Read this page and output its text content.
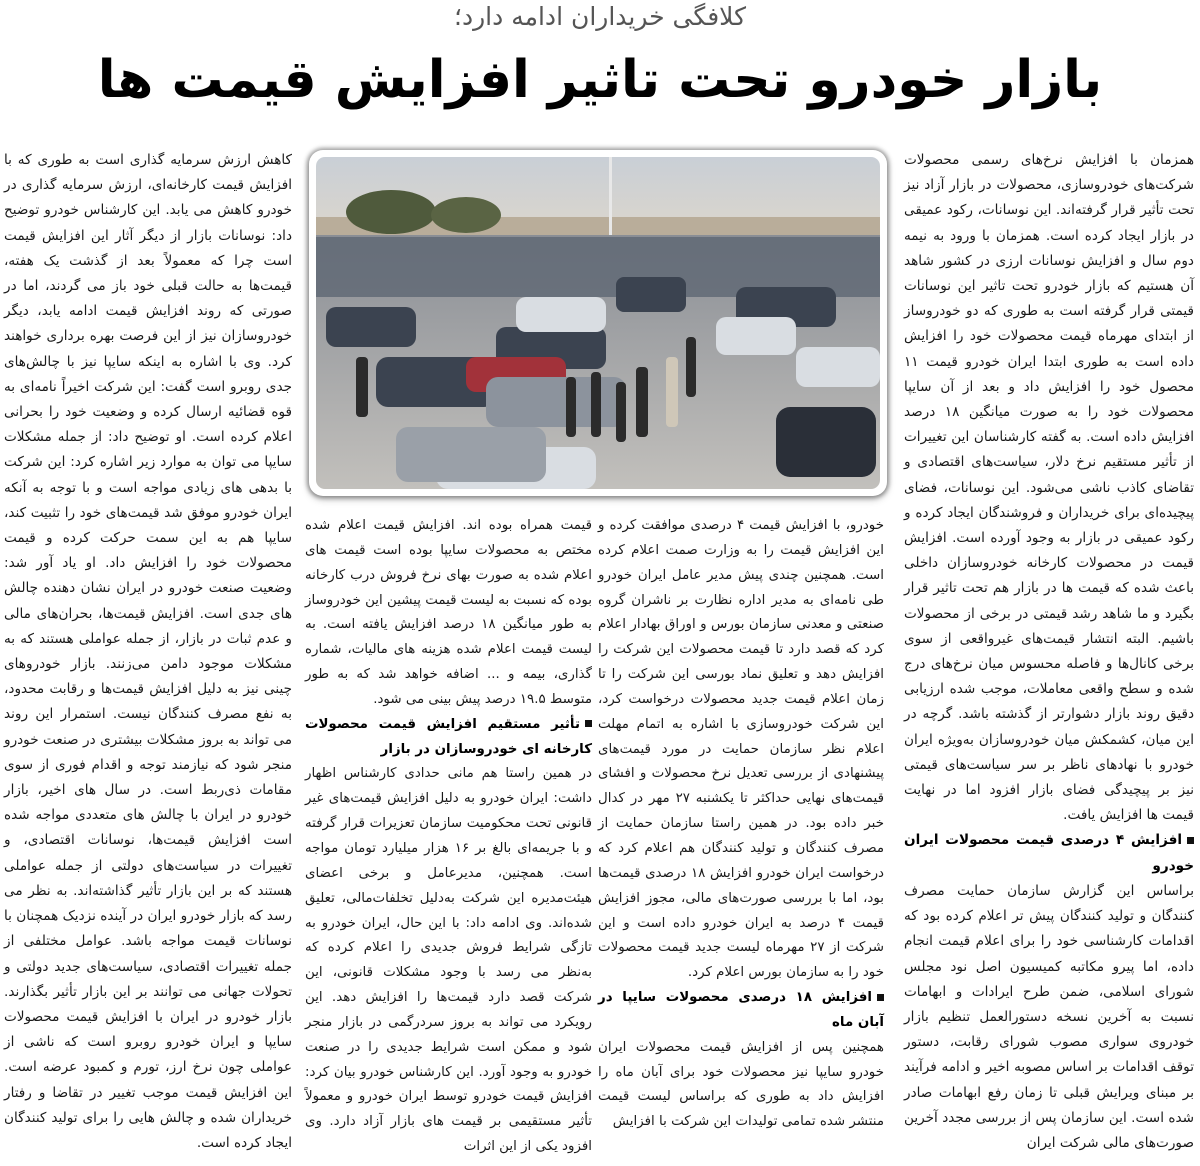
کلافگی خریداران ادامه دارد؛
بازار خودرو تحت تاثیر افزایش قیمت ها

همزمان با افزایش نرخ‌های رسمی محصولات شرکت‌های خودروسازی، محصولات در بازار آزاد نیز تحت تأثیر قرار گرفته‌اند. این نوسانات، رکود عمیقی در بازار ایجاد کرده است. همزمان با ورود به نیمه دوم سال و افزایش نوسانات ارزی در کشور شاهد آن هستیم که بازار خودرو تحت تاثیر این نوسانات قیمتی قرار گرفته است به طوری که دو خودروساز از ابتدای مهرماه قیمت محصولات خود را افزایش داده است به طوری ابتدا ایران خودرو قیمت ۱۱ محصول خود را افزایش داد و بعد از آن سایپا محصولات خود را به صورت میانگین ۱۸ درصد افزایش داده است. به گفته کارشناسان این تغییرات از تأثیر مستقیم نرخ دلار، سیاست‌های اقتصادی و تقاضای کاذب ناشی می‌شود. این نوسانات، فضای پیچیده‌ای برای خریداران و فروشندگان ایجاد کرده و رکود عمیقی در بازار به وجود آورده است. افزایش قیمت در محصولات کارخانه خودروسازان داخلی باعث شده که قیمت ها در بازار هم تحت تاثیر قرار بگیرد و ما شاهد رشد قیمتی در برخی از محصولات باشیم. البته انتشار قیمت‌های غیرواقعی از سوی برخی کانال‌ها و فاصله محسوس میان نرخ‌های درج شده و سطح واقعی معاملات، موجب شده ارزیابی دقیق روند بازار دشوارتر از گذشته باشد. گرچه در این میان، کشمکش میان خودروسازان به‌ویژه ایران خودرو با نهادهای ناظر بر سر سیاست‌های قیمتی نیز بر پیچیدگی فضای بازار افزود اما در نهایت قیمت ها افزایش یافت.

افزایش ۴ درصدی قیمت محصولات ایران خودرو

براساس این گزارش سازمان حمایت مصرف کنندگان و تولید کنندگان پیش تر اعلام کرده بود که اقدامات کارشناسی خود را برای اعلام قیمت انجام داده، اما پیرو مکاتبه کمیسیون اصل نود مجلس شورای اسلامی، ضمن طرح ایرادات و ابهامات نسبت به آخرین نسخه دستورالعمل تنظیم بازار خودروی سواری مصوب شورای رقابت، دستور توقف اقدامات بر اساس مصوبه اخیر و ادامه فرآیند بر مبنای ویرایش قبلی تا زمان رفع ابهامات صادر شده است. این سازمان پس از بررسی مجدد آخرین صورت‌های مالی شرکت ایران

خودرو، با افزایش قیمت ۴ درصدی موافقت کرده و این افزایش قیمت را به وزارت صمت اعلام کرده است. همچنین چندی پیش مدیر عامل ایران خودرو طی نامه‌ای به مدیر اداره نظارت بر ناشران گروه صنعتی و معدنی سازمان بورس و اوراق بهادار اعلام کرد که قصد دارد تا قیمت محصولات این شرکت را افزایش دهد و تعلیق نماد بورسی این شرکت را تا زمان اعلام قیمت جدید محصولات درخواست کرد، این شرکت خودروسازی با اشاره به اتمام مهلت اعلام نظر سازمان حمایت در مورد قیمت‌های پیشنهادی از بررسی تعدیل نرخ محصولات و افشای قیمت‌های نهایی حداکثر تا یکشنبه ۲۷ مهر در کدال خبر داده بود. در همین راستا سازمان حمایت از مصرف کنندگان و تولید کنندگان هم اعلام کرد که درخواست ایران خودرو افزایش ۱۸ درصدی قیمت‌ها بود، اما با بررسی صورت‌های مالی، مجوز افزایش قیمت ۴ درصد به ایران خودرو داده است و این شرکت از ۲۷ مهرماه لیست جدید قیمت محصولات خود را به سازمان بورس اعلام کرد.

افزایش ۱۸ درصدی محصولات سایپا در آبان ماه

همچنین پس از افزایش قیمت محصولات ایران خودرو سایپا نیز محصولات خود برای آبان ماه را افزایش داد به طوری که براساس لیست قیمت منتشر شده تمامی تولیدات این شرکت با افزایش

قیمت همراه بوده اند. افزایش قیمت اعلام شده مختص به محصولات سایپا بوده است قیمت های اعلام شده به صورت بهای نرخ فروش درب کارخانه بوده که نسبت به لیست قیمت پیشین این خودروساز به طور میانگین ۱۸ درصد افزایش یافته است. به لیست قیمت اعلام شده هزینه های مالیات، شماره گذاری، بیمه و ... اضافه خواهد شد که به طور متوسط ۱۹.۵ درصد پیش بینی می شود.

تأثیر مستقیم افزایش قیمت محصولات کارخانه ای خودروسازان در بازار

در همین راستا هم مانی حدادی کارشناس اظهار داشت: ایران خودرو به دلیل افزایش قیمت‌های غیر قانونی تحت محکومیت سازمان تعزیرات قرار گرفته و با جریمه‌ای بالغ بر ۱۶ هزار میلیارد تومان مواجه است. همچنین، مدیرعامل و برخی اعضای هیئت‌مدیره این شرکت به‌دلیل تخلفات‌مالی، تعلیق شده‌اند. وی ادامه داد: با این حال، ایران خودرو به تازگی شرایط فروش جدیدی را اعلام کرده که به‌نظر می رسد با وجود مشکلات قانونی، این شرکت قصد دارد قیمت‌ها را افزایش دهد. این رویکرد می تواند به بروز سردرگمی در بازار منجر شود و ممکن است شرایط جدیدی را در صنعت خودرو به وجود آورد. این کارشناس خودرو بیان کرد: افزایش قیمت خودرو توسط ایران خودرو و معمولاً تأثیر مستقیمی بر قیمت های بازار آزاد دارد. وی افزود یکی از این اثرات

کاهش ارزش سرمایه گذاری است به طوری که با افزایش قیمت کارخانه‌ای، ارزش سرمایه گذاری در خودرو کاهش می یابد. این کارشناس خودرو توضیح داد: نوسانات بازار از دیگر آثار این افزایش قیمت است چرا که معمولاً بعد از گذشت یک هفته، قیمت‌ها به حالت قبلی خود باز می گردند، اما در صورتی که روند افزایش قیمت ادامه یابد، دیگر خودروسازان نیز از این فرصت بهره برداری خواهند کرد. وی با اشاره به اینکه سایپا نیز با چالش‌های جدی روبرو است گفت: این شرکت اخیراً نامه‌ای به قوه قضائیه ارسال کرده و وضعیت خود را بحرانی اعلام کرده است. او توضیح داد: از جمله مشکلات سایپا می توان به موارد زیر اشاره کرد: این شرکت با بدهی های زیادی مواجه است و با توجه به آنکه ایران خودرو موفق شد قیمت‌های خود را تثبیت کند، سایپا هم به این سمت حرکت کرده و قیمت محصولات خود را افزایش داد. او یاد آور شد: وضعیت صنعت خودرو در ایران نشان دهنده چالش های جدی است. افزایش قیمت‌ها، بحران‌های مالی و عدم ثبات در بازار، از جمله عواملی هستند که به مشکلات موجود دامن می‌زنند. بازار خودروهای چینی نیز به دلیل افزایش قیمت‌ها و رقابت محدود، به نفع مصرف کنندگان نیست. استمرار این روند می تواند به بروز مشکلات بیشتری در صنعت خودرو منجر شود که نیازمند توجه و اقدام فوری از سوی مقامات ذی‌ربط است. در سال های اخیر، بازار خودرو در ایران با چالش های متعددی مواجه شده است افزایش قیمت‌ها، نوسانات اقتصادی، و تغییرات در سیاست‌های دولتی از جمله عواملی هستند که بر این بازار تأثیر گذاشته‌اند. به نظر می رسد که بازار خودرو ایران در آینده نزدیک همچنان با نوسانات قیمت مواجه باشد. عوامل مختلفی از جمله تغییرات اقتصادی، سیاست‌های جدید دولتی و تحولات جهانی می توانند بر این بازار تأثیر بگذارند. بازار خودرو در ایران با افزایش قیمت محصولات سایپا و ایران خودرو روبرو است که ناشی از عواملی چون نرخ ارز، تورم و کمبود عرضه است. این افزایش قیمت موجب تغییر در تقاضا و رفتار خریداران شده و چالش هایی را برای تولید کنندگان ایجاد کرده است.
